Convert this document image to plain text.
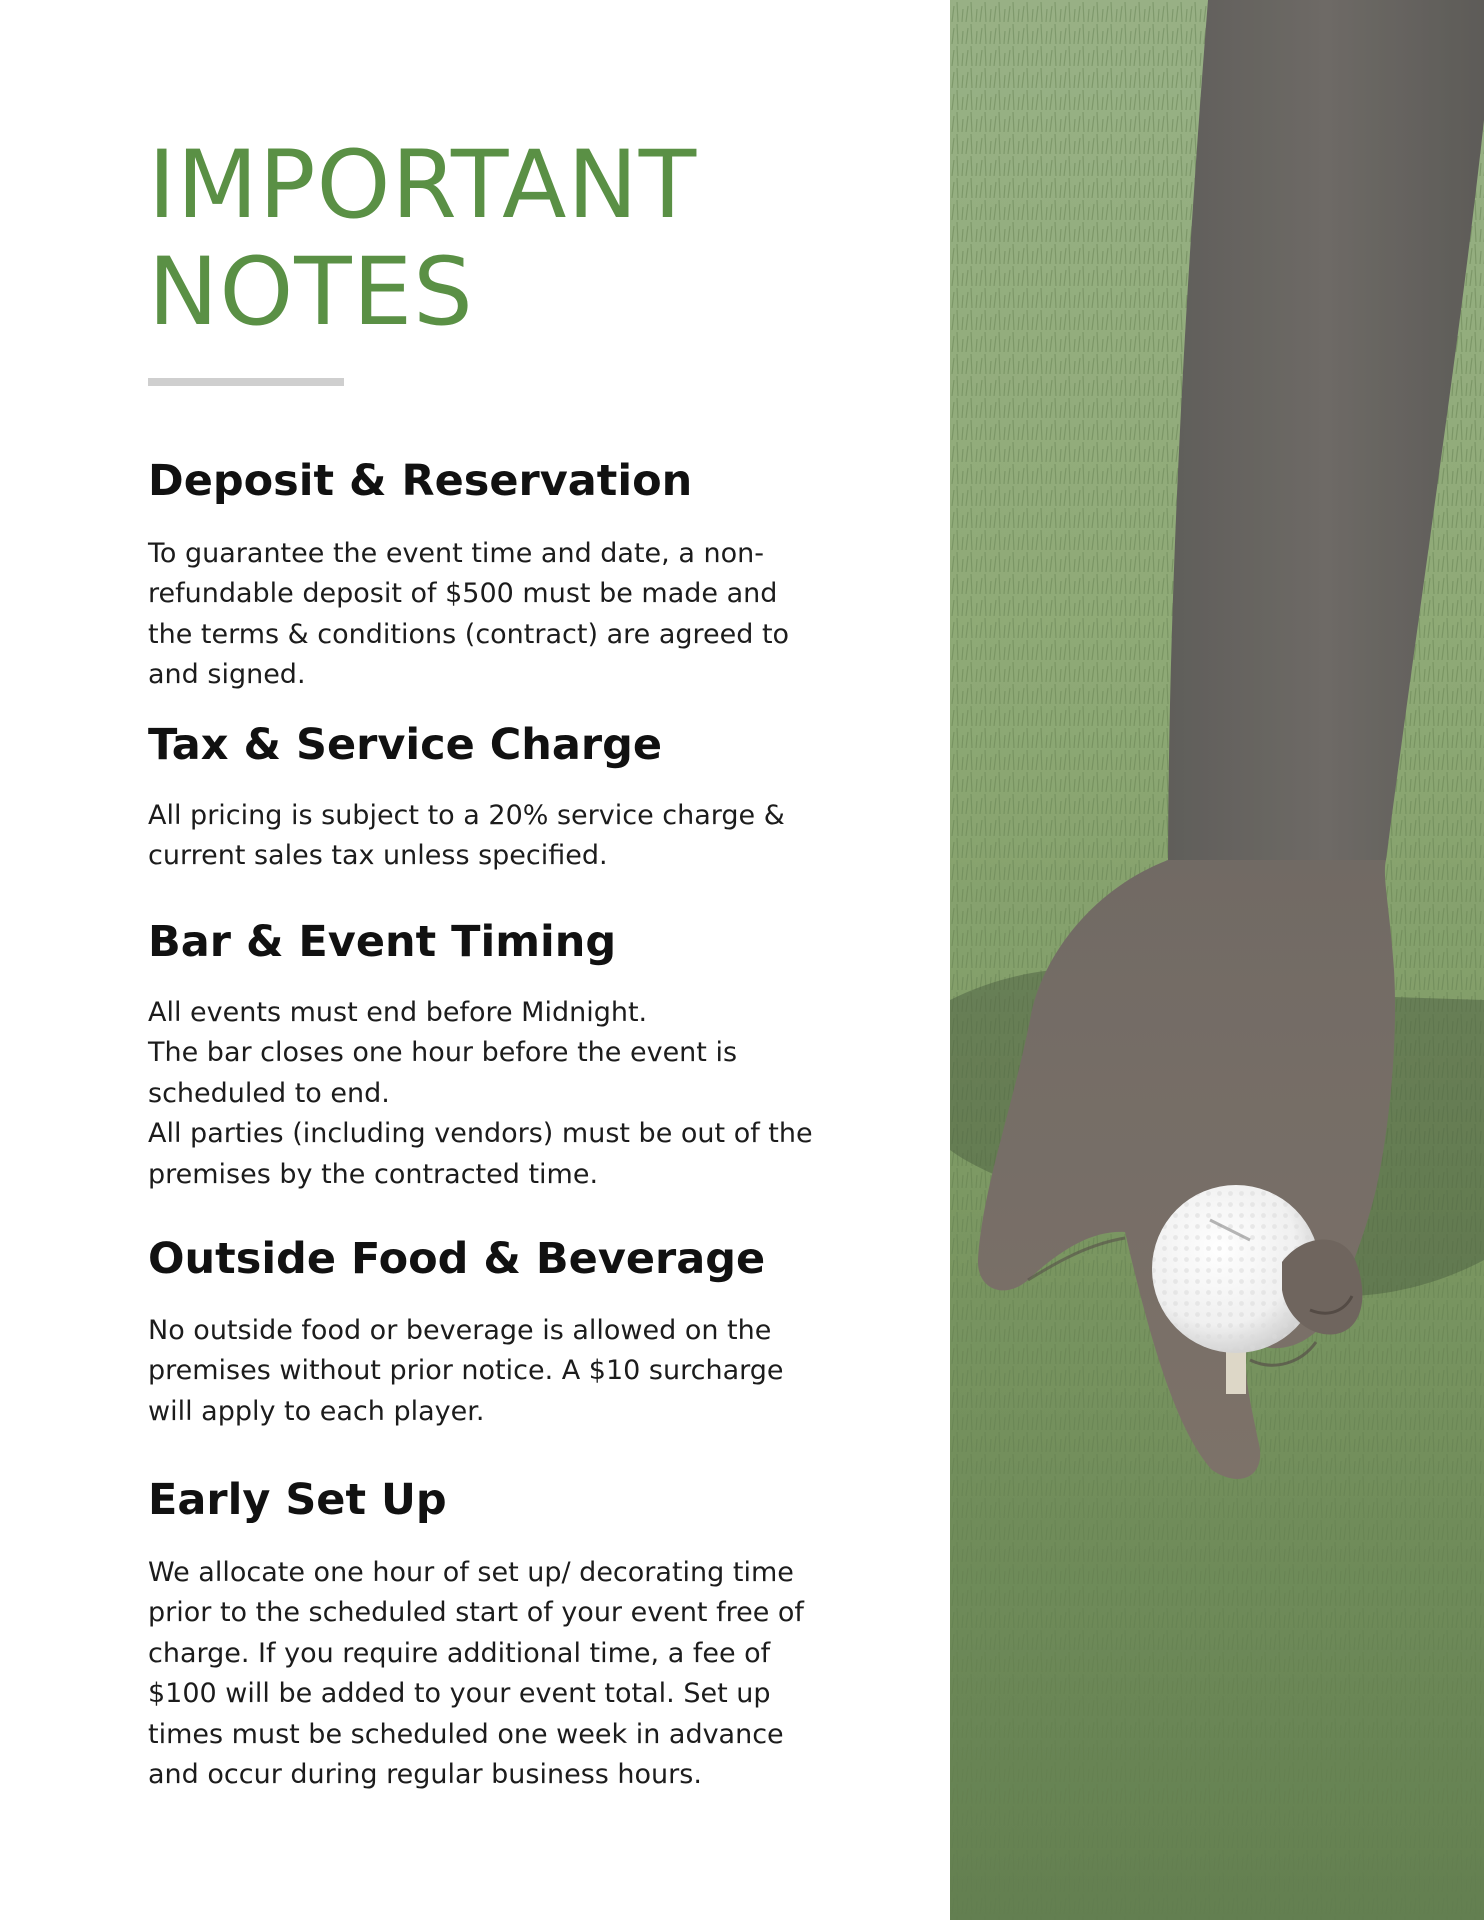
IMPORTANT
NOTES
Deposit & Reservation

To guarantee the event time and date, a non-
refundable deposit of $500 must be made and
the terms & conditions (contract) are agreed to
and signed.

Tax & Service Charge

All pricing is subject to a 20% service charge &
current sales tax unless specified.

Bar & Event Timing

All events must end before Midnight.
The bar closes one hour before the event is
scheduled to end.
All parties (including vendors) must be out of the
premises by the contracted time.

Outside Food & Beverage

No outside food or beverage is allowed on the
premises without prior notice. A $10 surcharge
will apply to each player.

Early Set Up

We allocate one hour of set up/ decorating time
prior to the scheduled start of your event free of
charge. If you require additional time, a fee of
$100 will be added to your event total. Set up
times must be scheduled one week in advance
and occur during regular business hours.
